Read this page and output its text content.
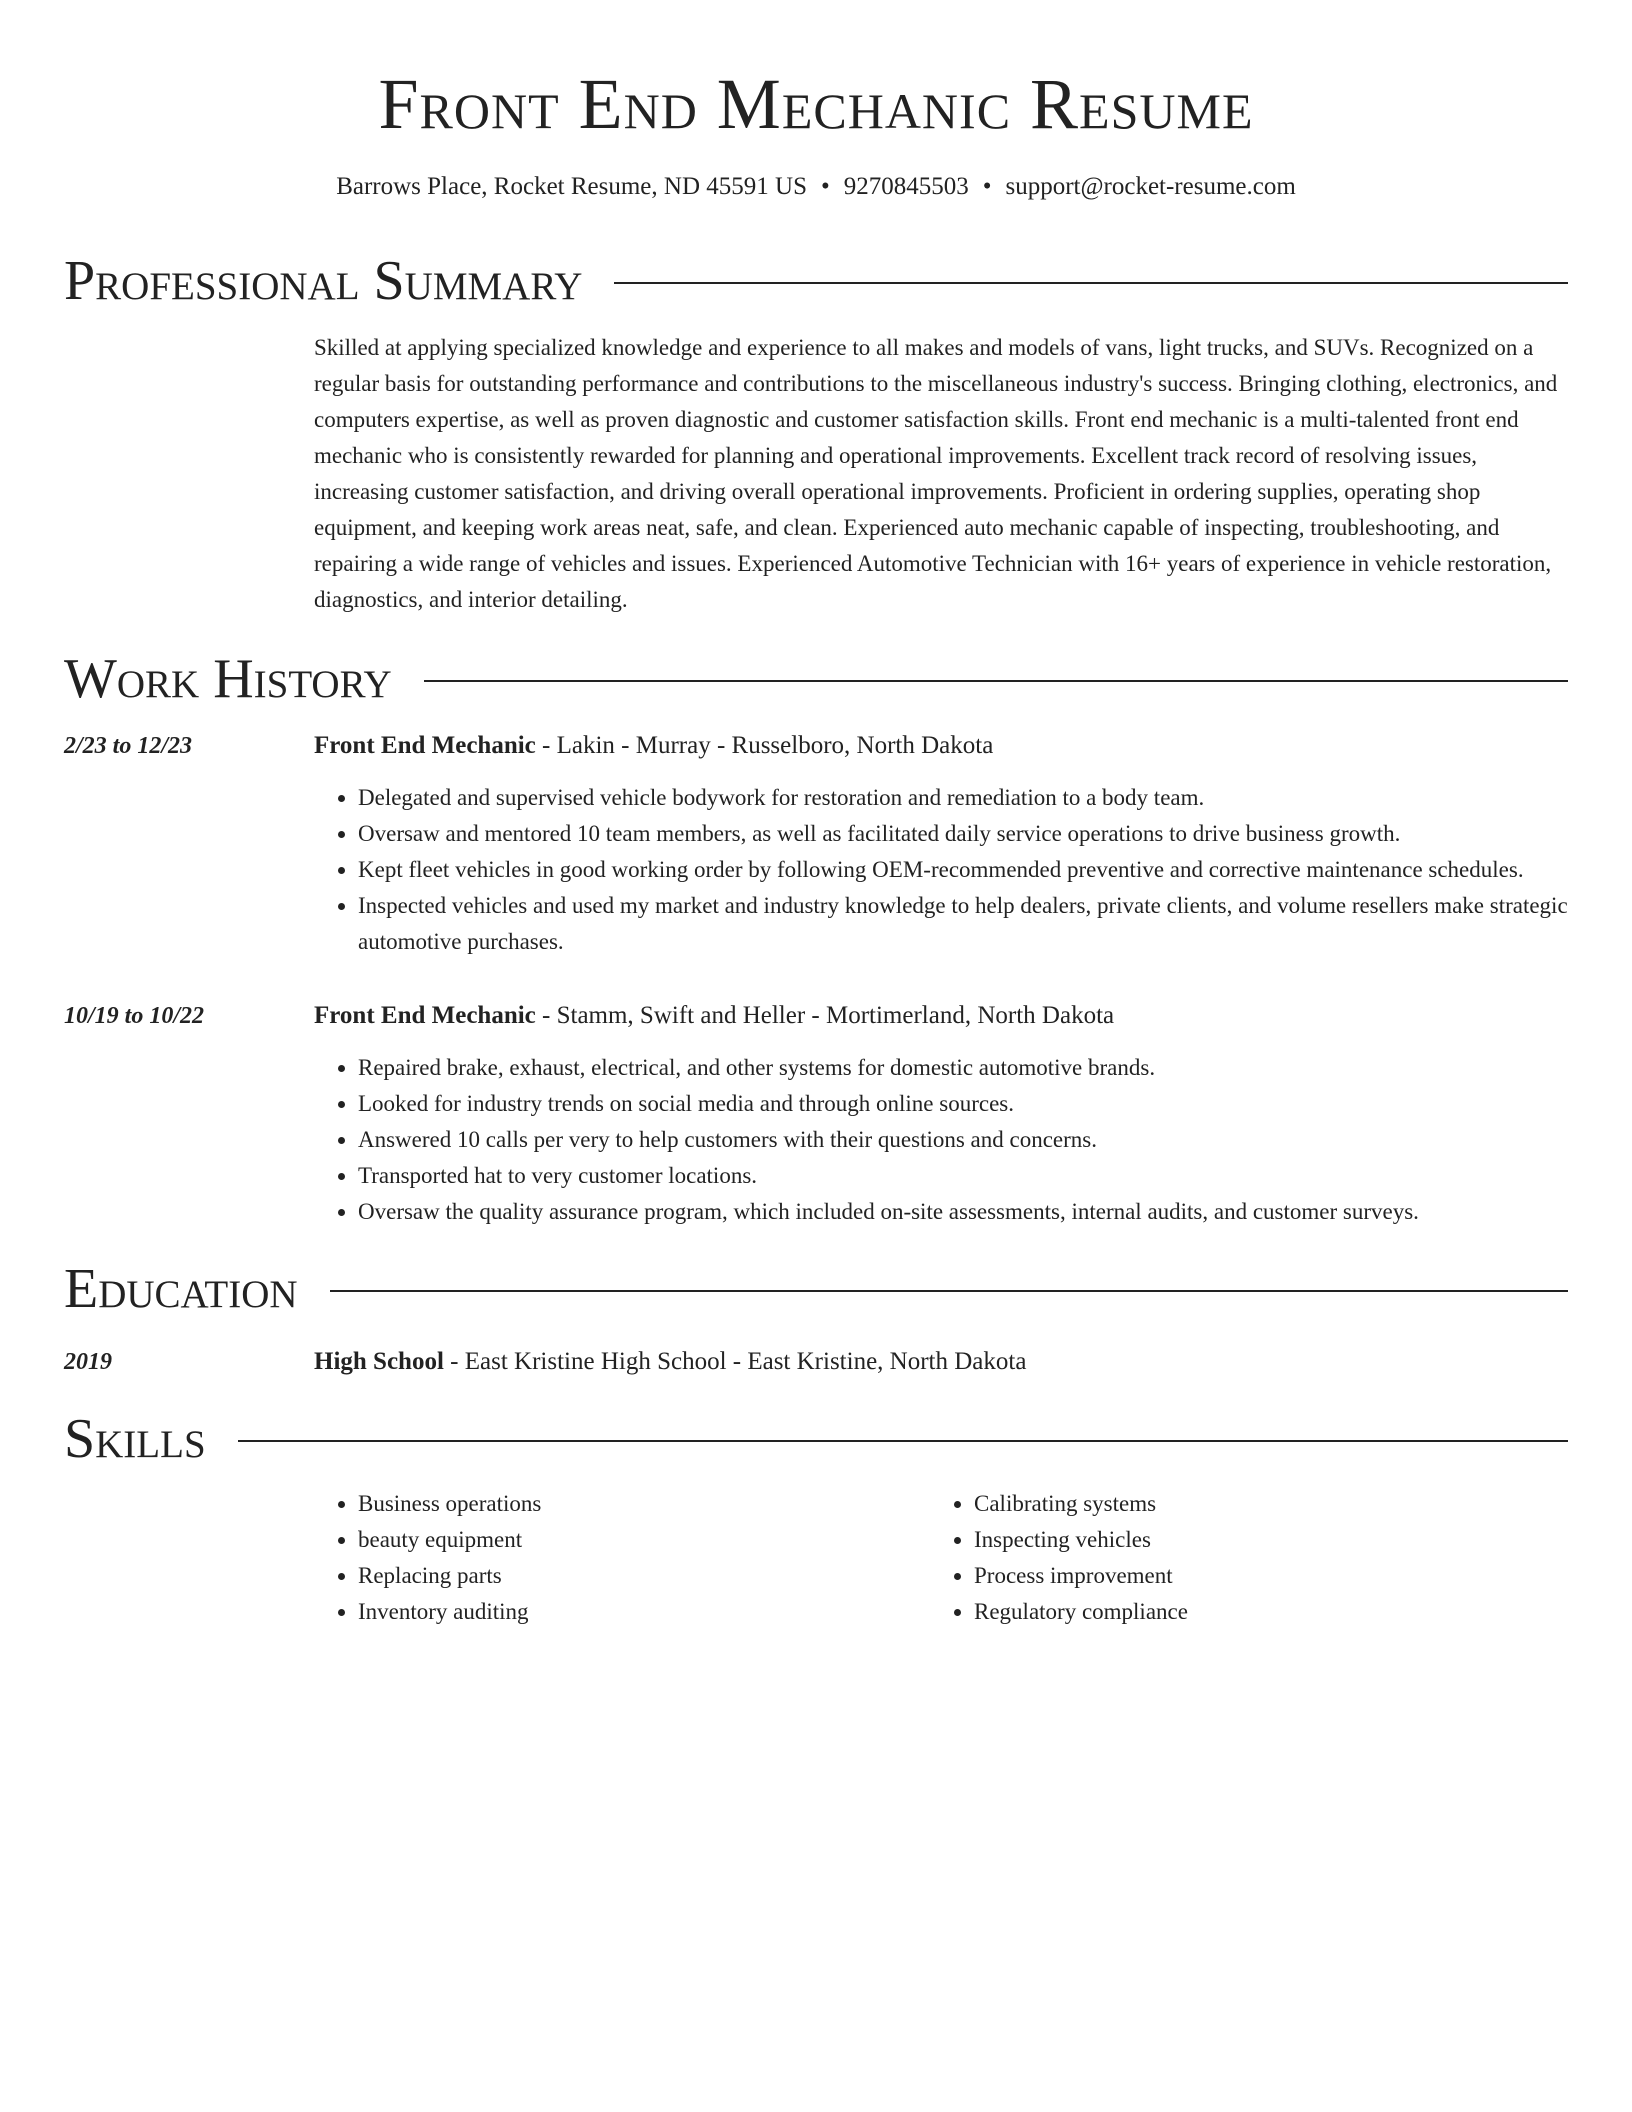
Front End Mechanic Resume
Barrows Place, Rocket Resume, ND 45591 US • 9270845503 • support@rocket-resume.com
Professional Summary
Skilled at applying specialized knowledge and experience to all makes and models of vans, light trucks, and SUVs. Recognized on a regular basis for outstanding performance and contributions to the miscellaneous industry's success. Bringing clothing, electronics, and computers expertise, as well as proven diagnostic and customer satisfaction skills. Front end mechanic is a multi-talented front end mechanic who is consistently rewarded for planning and operational improvements. Excellent track record of resolving issues, increasing customer satisfaction, and driving overall operational improvements. Proficient in ordering supplies, operating shop equipment, and keeping work areas neat, safe, and clean. Experienced auto mechanic capable of inspecting, troubleshooting, and repairing a wide range of vehicles and issues. Experienced Automotive Technician with 16+ years of experience in vehicle restoration, diagnostics, and interior detailing.
Work History
2/23 to 12/23	Front End Mechanic - Lakin - Murray - Russelboro, North Dakota
• Delegated and supervised vehicle bodywork for restoration and remediation to a body team.
• Oversaw and mentored 10 team members, as well as facilitated daily service operations to drive business growth.
• Kept fleet vehicles in good working order by following OEM-recommended preventive and corrective maintenance schedules.
• Inspected vehicles and used my market and industry knowledge to help dealers, private clients, and volume resellers make strategic automotive purchases.
10/19 to 10/22	Front End Mechanic - Stamm, Swift and Heller - Mortimerland, North Dakota
• Repaired brake, exhaust, electrical, and other systems for domestic automotive brands.
• Looked for industry trends on social media and through online sources.
• Answered 10 calls per very to help customers with their questions and concerns.
• Transported hat to very customer locations.
• Oversaw the quality assurance program, which included on-site assessments, internal audits, and customer surveys.
Education
2019	High School - East Kristine High School - East Kristine, North Dakota
Skills
• Business operations
• beauty equipment
• Replacing parts
• Inventory auditing
• Calibrating systems
• Inspecting vehicles
• Process improvement
• Regulatory compliance
